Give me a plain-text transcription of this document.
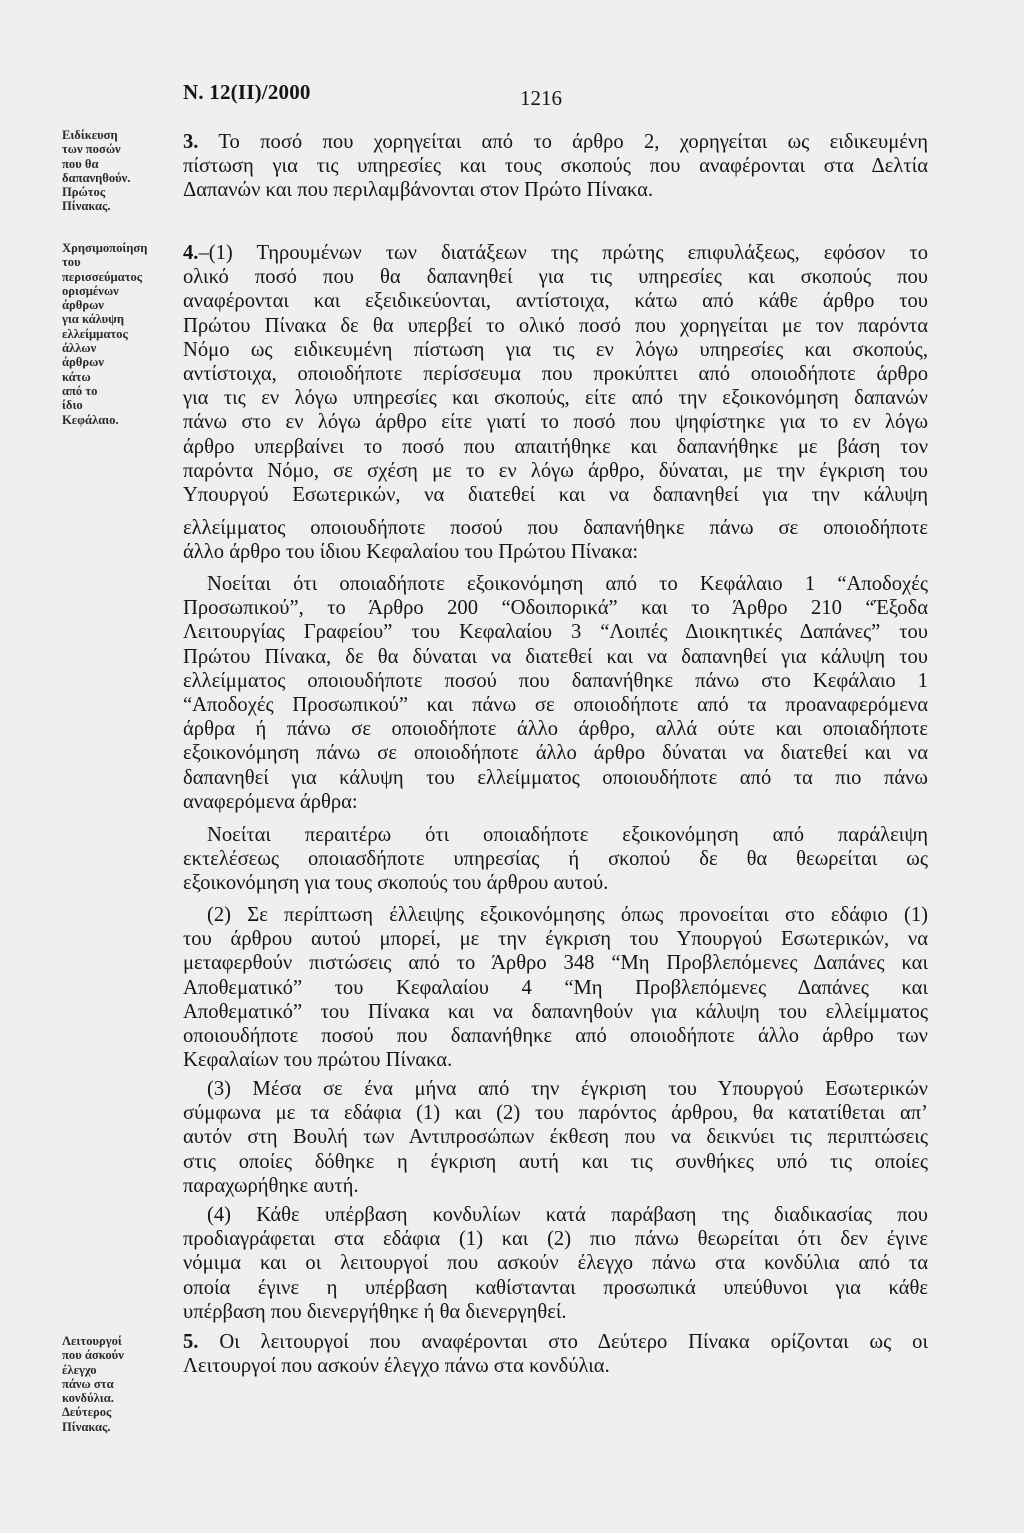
Ν. 12(ΙΙ)/2000	1216
Ειδίκευση
των ποσών
που θα
δαπανηθούν.
Πρώτος
Πίνακας.
Χρησιμοποίηση
του
περισσεύματος
ορισμένων
άρθρων
για κάλυψη
ελλείμματος
άλλων
άρθρων
κάτω
από το
ίδιο
Κεφάλαιο.
Λειτουργοί
που άσκούν
έλεγχο
πάνω στα
κονδύλια.
Δεύτερος
Πίνακας.
3. Το ποσό που χορηγείται από το άρθρο 2, χορηγείται ως ειδικευμένη
πίστωση για τις υπηρεσίες και τους σκοπούς που αναφέρονται στα Δελτία
Δαπανών και που περιλαμβάνονται στον Πρώτο Πίνακα.
4.–(1) Τηρουμένων των διατάξεων της πρώτης επιφυλάξεως, εφόσον το
ολικό ποσό που θα δαπανηθεί για τις υπηρεσίες και σκοπούς που
αναφέρονται και εξειδικεύονται, αντίστοιχα, κάτω από κάθε άρθρο του
Πρώτου Πίνακα δε θα υπερβεί το ολικό ποσό που χορηγείται με τον παρόντα
Νόμο ως ειδικευμένη πίστωση για τις εν λόγω υπηρεσίες και σκοπούς,
αντίστοιχα, οποιοδήποτε περίσσευμα που προκύπτει από οποιοδήποτε άρθρο
για τις εν λόγω υπηρεσίες και σκοπούς, είτε από την εξοικονόμηση δαπανών
πάνω στο εν λόγω άρθρο είτε γιατί το ποσό που ψηφίστηκε για το εν λόγω
άρθρο υπερβαίνει το ποσό που απαιτήθηκε και δαπανήθηκε με βάση τον
παρόντα Νόμο, σε σχέση με το εν λόγω άρθρο, δύναται, με την έγκριση του
Υπουργού Εσωτερικών, να διατεθεί και να δαπανηθεί για την κάλυψη
ελλείμματος οποιουδήποτε ποσού που δαπανήθηκε πάνω σε οποιοδήποτε
άλλο άρθρο του ίδιου Κεφαλαίου του Πρώτου Πίνακα:
Νοείται ότι οποιαδήποτε εξοικονόμηση από το Κεφάλαιο 1 “Αποδοχές
Προσωπικού”, το Άρθρο 200 “Οδοιπορικά” και το Άρθρο 210 “Έξοδα
Λειτουργίας Γραφείου” του Κεφαλαίου 3 “Λοιπές Διοικητικές Δαπάνες” του
Πρώτου Πίνακα, δε θα δύναται να διατεθεί και να δαπανηθεί για κάλυψη του
ελλείμματος οποιουδήποτε ποσού που δαπανήθηκε πάνω στο Κεφάλαιο 1
“Αποδοχές Προσωπικού” και πάνω σε οποιοδήποτε από τα προαναφερόμενα
άρθρα ή πάνω σε οποιοδήποτε άλλο άρθρο, αλλά ούτε και οποιαδήποτε
εξοικονόμηση πάνω σε οποιοδήποτε άλλο άρθρο δύναται να διατεθεί και να
δαπανηθεί για κάλυψη του ελλείμματος οποιουδήποτε από τα πιο πάνω
αναφερόμενα άρθρα:
Νοείται περαιτέρω ότι οποιαδήποτε εξοικονόμηση από παράλειψη
εκτελέσεως οποιασδήποτε υπηρεσίας ή σκοπού δε θα θεωρείται ως
εξοικονόμηση για τους σκοπούς του άρθρου αυτού.
(2) Σε περίπτωση έλλειψης εξοικονόμησης όπως προνοείται στο εδάφιο (1)
του άρθρου αυτού μπορεί, με την έγκριση του Υπουργού Εσωτερικών, να
μεταφερθούν πιστώσεις από το Άρθρο 348 “Μη Προβλεπόμενες Δαπάνες και
Αποθεματικό” του Κεφαλαίου 4 “Μη Προβλεπόμενες Δαπάνες και
Αποθεματικό” του Πίνακα και να δαπανηθούν για κάλυψη του ελλείμματος
οποιουδήποτε ποσού που δαπανήθηκε από οποιοδήποτε άλλο άρθρο των
Κεφαλαίων του πρώτου Πίνακα.
(3) Μέσα σε ένα μήνα από την έγκριση του Υπουργού Εσωτερικών
σύμφωνα με τα εδάφια (1) και (2) του παρόντος άρθρου, θα κατατίθεται απ’
αυτόν στη Βουλή των Αντιπροσώπων έκθεση που να δεικνύει τις περιπτώσεις
στις οποίες δόθηκε η έγκριση αυτή και τις συνθήκες υπό τις οποίες
παραχωρήθηκε αυτή.
(4) Κάθε υπέρβαση κονδυλίων κατά παράβαση της διαδικασίας που
προδιαγράφεται στα εδάφια (1) και (2) πιο πάνω θεωρείται ότι δεν έγινε
νόμιμα και οι λειτουργοί που ασκούν έλεγχο πάνω στα κονδύλια από τα
οποία έγινε η υπέρβαση καθίστανται προσωπικά υπεύθυνοι για κάθε
υπέρβαση που διενεργήθηκε ή θα διενεργηθεί.
5. Οι λειτουργοί που αναφέρονται στο Δεύτερο Πίνακα ορίζονται ως οι
Λειτουργοί που ασκούν έλεγχο πάνω στα κονδύλια.
